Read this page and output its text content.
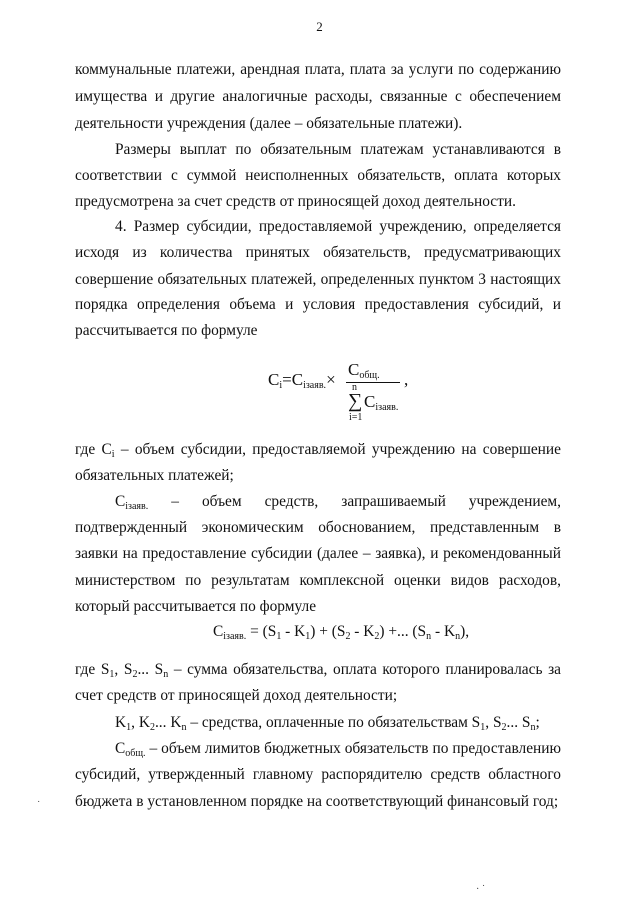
2
коммунальные платежи, арендная плата, плата за услуги по содержанию
имущества и другие аналогичные расходы, связанные с обеспечением
деятельности учреждения (далее – обязательные платежи).
Размеры выплат по обязательным платежам устанавливаются в
соответствии с суммой неисполненных обязательств, оплата которых
предусмотрена за счет средств от приносящей доход деятельности.
4. Размер субсидии, предоставляемой учреждению, определяется
исходя из количества принятых обязательств, предусматривающих
совершение обязательных платежей, определенных пунктом 3 настоящих
порядка определения объема и условия предоставления субсидий, и
рассчитывается по формуле
$C_i=C_{iзаяв.}\times$
$C_{общ.}$
n
∑
i=1
$C_{iзаяв.}$
,
где $C_i$ – объем субсидии, предоставляемой учреждению на совершение
обязательных платежей;
$C_{iзаяв.}$ – объем средств, запрашиваемый учреждением,
подтвержденный экономическим обоснованием, представленным в
заявки на предоставление субсидии (далее – заявка), и рекомендованный
министерством по результатам комплексной оценки видов расходов,
который рассчитывается по формуле
$C_{iзаяв.} = (S_1 - K_1) + (S_2 - K_2)$ +... $(S_n - K_n)$,
где $S_1$, $S_2$... $S_n$ – сумма обязательства, оплата которого планировалась за
счет средств от приносящей доход деятельности;
$K_1$, $K_2$... $K_n$ – средства, оплаченные по обязательствам $S_1$, $S_2$... $S_n$;
$C_{общ.}$ – объем лимитов бюджетных обязательств по предоставлению
субсидий, утвержденный главному распорядителю средств областного
бюджета в установленном порядке на соответствующий финансовый год;
˙
· ˙
